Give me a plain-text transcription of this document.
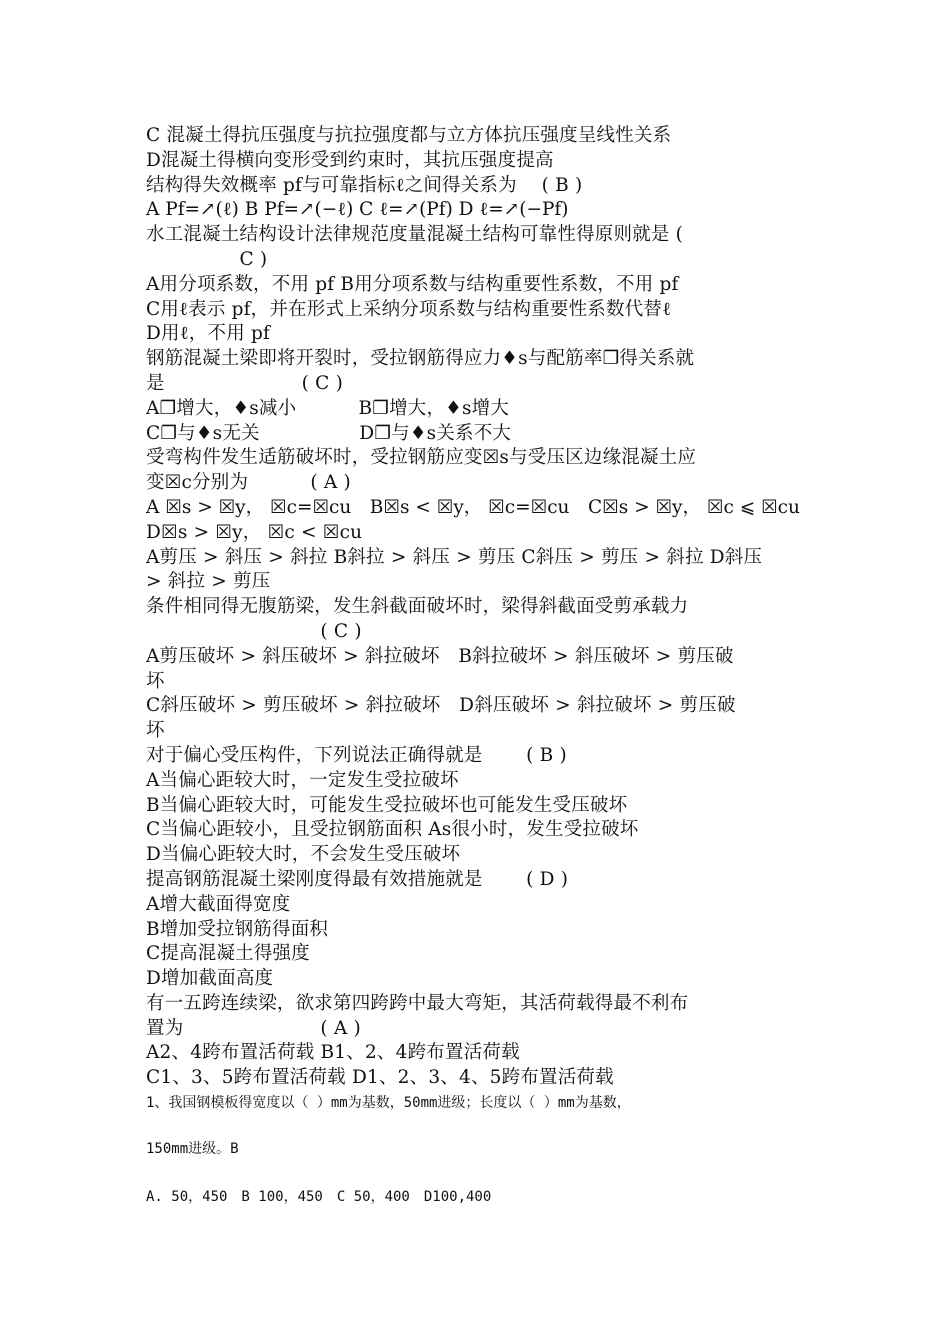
C 混凝土得抗压强度与抗拉强度都与立方体抗压强度呈线性关系
D混凝土得横向变形受到约束时，其抗压强度提高
结构得失效概率 pf与可靠指标ℓ之间得关系为　 ( B )
A Pf=↗(ℓ) B Pf=↗(−ℓ) C ℓ=↗(Pf) D ℓ=↗(−Pf)
水工混凝土结构设计法律规范度量混凝土结构可靠性得原则就是 (
　　　　　C )
A用分项系数，不用 pf B用分项系数与结构重要性系数，不用 pf
C用ℓ表示 pf，并在形式上采纳分项系数与结构重要性系数代替ℓ
D用ℓ，不用 pf
钢筋混凝土梁即将开裂时，受拉钢筋得应力♦s与配筋率❐得关系就
是　　　　　　　 ( C )
A❐增大，♦s减小　　　 B❐增大，♦s增大
C❐与♦s无关　　　　　 D❐与♦s关系不大
受弯构件发生适筋破坏时，受拉钢筋应变☒s与受压区边缘混凝土应
变☒c分别为　　　 ( A )
A ☒s > ☒y， ☒c=☒cu　B☒s < ☒y， ☒c=☒cu　C☒s > ☒y， ☒c ⩽ ☒cu
D☒s > ☒y， ☒c < ☒cu
A剪压 > 斜压 > 斜拉 B斜拉 > 斜压 > 剪压 C斜压 > 剪压 > 斜拉 D斜压
> 斜拉 > 剪压
条件相同得无腹筋梁，发生斜截面破坏时，梁得斜截面受剪承载力
　　　　　　　　　 ( C )
A剪压破坏 > 斜压破坏 > 斜拉破坏　B斜拉破坏 > 斜压破坏 > 剪压破
坏
C斜压破坏 > 剪压破坏 > 斜拉破坏　D斜压破坏 > 斜拉破坏 > 剪压破
坏
对于偏心受压构件，下列说法正确得就是　　 ( B )
A当偏心距较大时，一定发生受拉破坏
B当偏心距较大时，可能发生受拉破坏也可能发生受压破坏
C当偏心距较小，且受拉钢筋面积 As很小时，发生受拉破坏
D当偏心距较大时，不会发生受压破坏
提高钢筋混凝土梁刚度得最有效措施就是　　 ( D )
A增大截面得宽度
B增加受拉钢筋得面积
C提高混凝土得强度
D增加截面高度
有一五跨连续梁，欲求第四跨跨中最大弯矩，其活荷载得最不利布
置为　　　　　　　 ( A )
A2、4跨布置活荷载 B1、2、4跨布置活荷载
C1、3、5跨布置活荷载 D1、2、3、4、5跨布置活荷载
1、我国钢模板得宽度以（ ）mm为基数，50mm进级；长度以（ ）mm为基数，
150mm进级。B
A. 50，450　B 100，450　C 50，400　D100,400
